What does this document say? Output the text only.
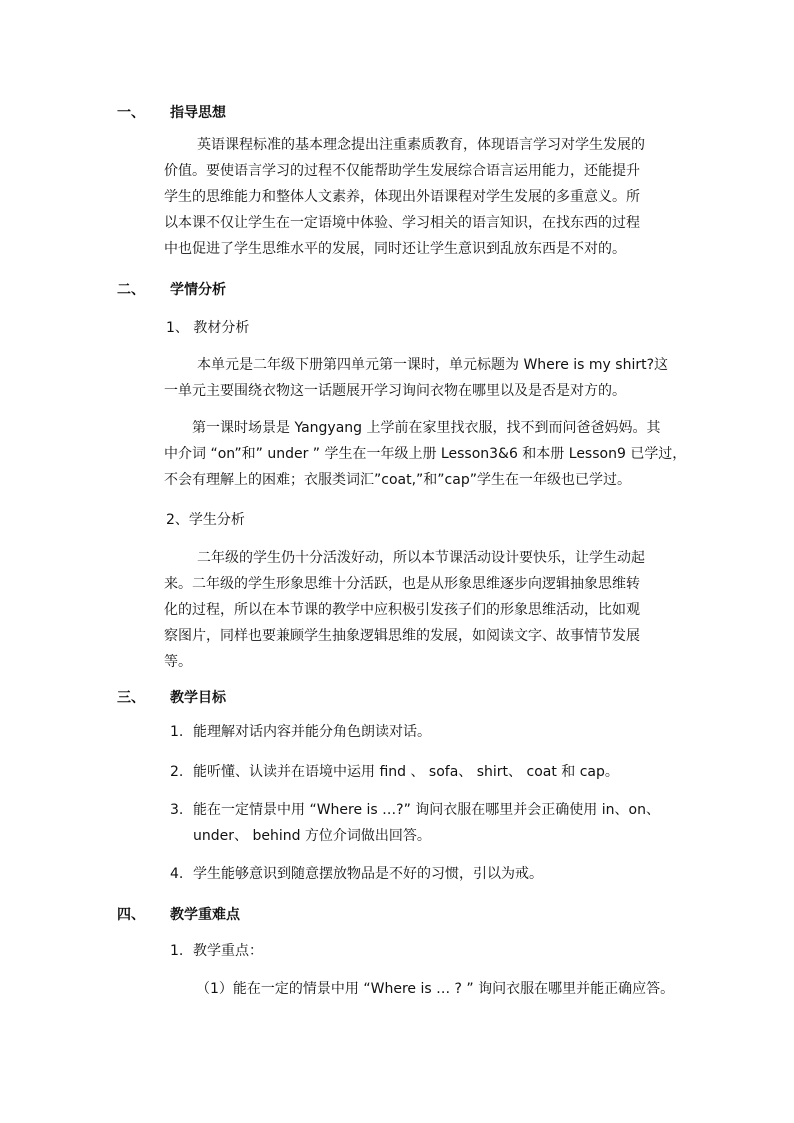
一、 指导思想
英语课程标准的基本理念提出注重素质教育，体现语言学习对学生发展的
价值。要使语言学习的过程不仅能帮助学生发展综合语言运用能力，还能提升
学生的思维能力和整体人文素养，体现出外语课程对学生发展的多重意义。所
以本课不仅让学生在一定语境中体验、学习相关的语言知识，在找东西的过程
中也促进了学生思维水平的发展，同时还让学生意识到乱放东西是不对的。
二、 学情分析
1、 教材分析
本单元是二年级下册第四单元第一课时，单元标题为 Where is my shirt?这
一单元主要围绕衣物这一话题展开学习询问衣物在哪里以及是否是对方的。
第一课时场景是 Yangyang 上学前在家里找衣服，找不到而问爸爸妈妈。其
中介词 “on”和” under ” 学生在一年级上册 Lesson3&6 和本册 Lesson9 已学过，
不会有理解上的困难；衣服类词汇”coat,”和”cap”学生在一年级也已学过。
2、学生分析
二年级的学生仍十分活泼好动，所以本节课活动设计要快乐，让学生动起
来。二年级的学生形象思维十分活跃，也是从形象思维逐步向逻辑抽象思维转
化的过程，所以在本节课的教学中应积极引发孩子们的形象思维活动，比如观
察图片，同样也要兼顾学生抽象逻辑思维的发展，如阅读文字、故事情节发展
等。
三、 教学目标
1. 能理解对话内容并能分角色朗读对话。
2. 能听懂、认读并在语境中运用 find 、 sofa、 shirt、 coat 和 cap。
3. 能在一定情景中用 “Where is …?” 询问衣服在哪里并会正确使用 in、on、
under、 behind 方位介词做出回答。
4. 学生能够意识到随意摆放物品是不好的习惯，引以为戒。
四、 教学重难点
1. 教学重点：
（1）能在一定的情景中用 “Where is … ? ” 询问衣服在哪里并能正确应答。
